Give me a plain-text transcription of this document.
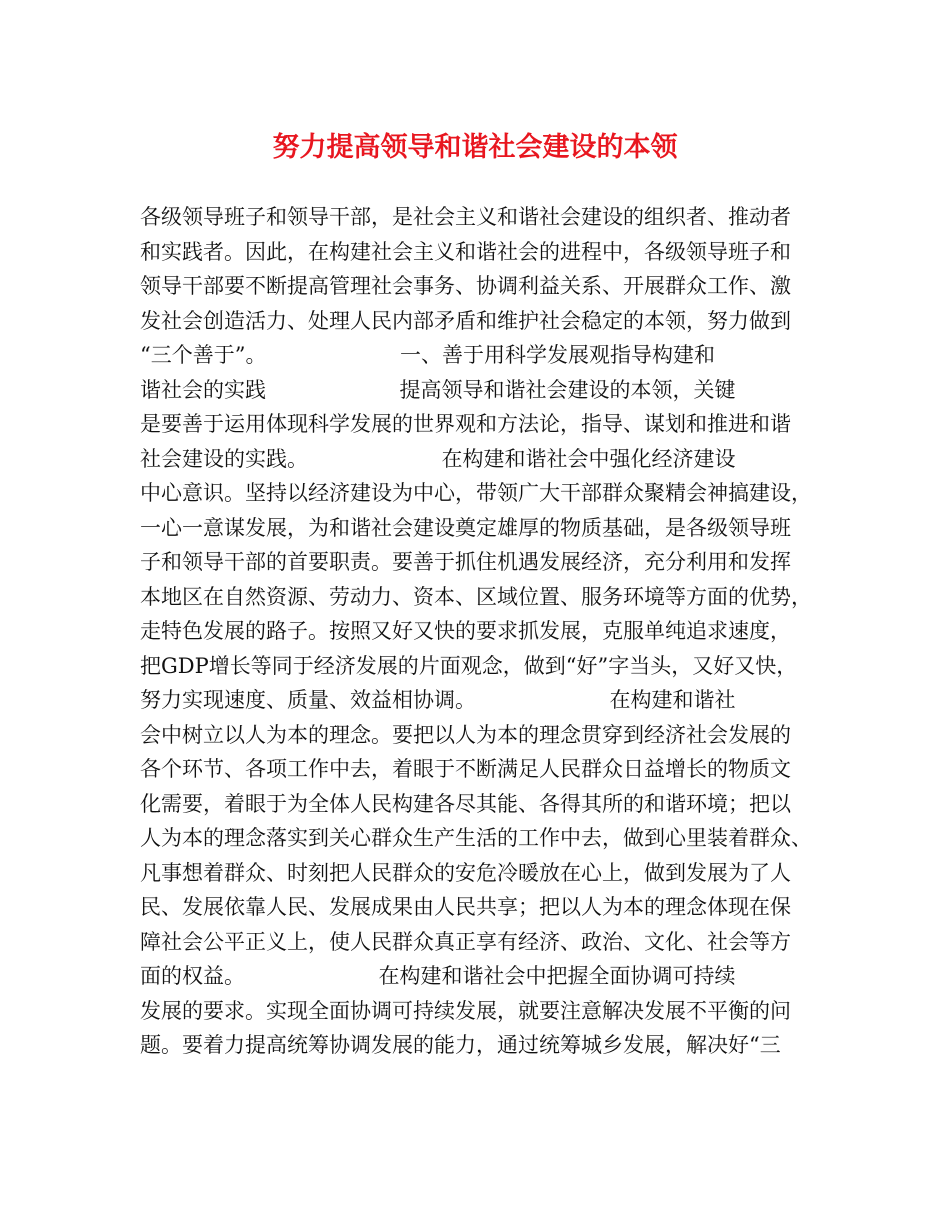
努力提高领导和谐社会建设的本领
各级领导班子和领导干部，是社会主义和谐社会建设的组织者、推动者
和实践者。因此，在构建社会主义和谐社会的进程中，各级领导班子和
领导干部要不断提高管理社会事务、协调利益关系、开展群众工作、激
发社会创造活力、处理人民内部矛盾和维护社会稳定的本领，努力做到
“三个善于”。                    一、善于用科学发展观指导构建和
谐社会的实践                    提高领导和谐社会建设的本领，关键
是要善于运用体现科学发展的世界观和方法论，指导、谋划和推进和谐
社会建设的实践。                    在构建和谐社会中强化经济建设
中心意识。坚持以经济建设为中心，带领广大干部群众聚精会神搞建设，
一心一意谋发展，为和谐社会建设奠定雄厚的物质基础，是各级领导班
子和领导干部的首要职责。要善于抓住机遇发展经济，充分利用和发挥
本地区在自然资源、劳动力、资本、区域位置、服务环境等方面的优势，
走特色发展的路子。按照又好又快的要求抓发展，克服单纯追求速度，
把GDP增长等同于经济发展的片面观念，做到“好”字当头，又好又快，
努力实现速度、质量、效益相协调。                    在构建和谐社
会中树立以人为本的理念。要把以人为本的理念贯穿到经济社会发展的
各个环节、各项工作中去，着眼于不断满足人民群众日益增长的物质文
化需要，着眼于为全体人民构建各尽其能、各得其所的和谐环境；把以
人为本的理念落实到关心群众生产生活的工作中去，做到心里装着群众、
凡事想着群众、时刻把人民群众的安危冷暖放在心上，做到发展为了人
民、发展依靠人民、发展成果由人民共享；把以人为本的理念体现在保
障社会公平正义上，使人民群众真正享有经济、政治、文化、社会等方
面的权益。                    在构建和谐社会中把握全面协调可持续
发展的要求。实现全面协调可持续发展，就要注意解决发展不平衡的问
题。要着力提高统筹协调发展的能力，通过统筹城乡发展，解决好“三
